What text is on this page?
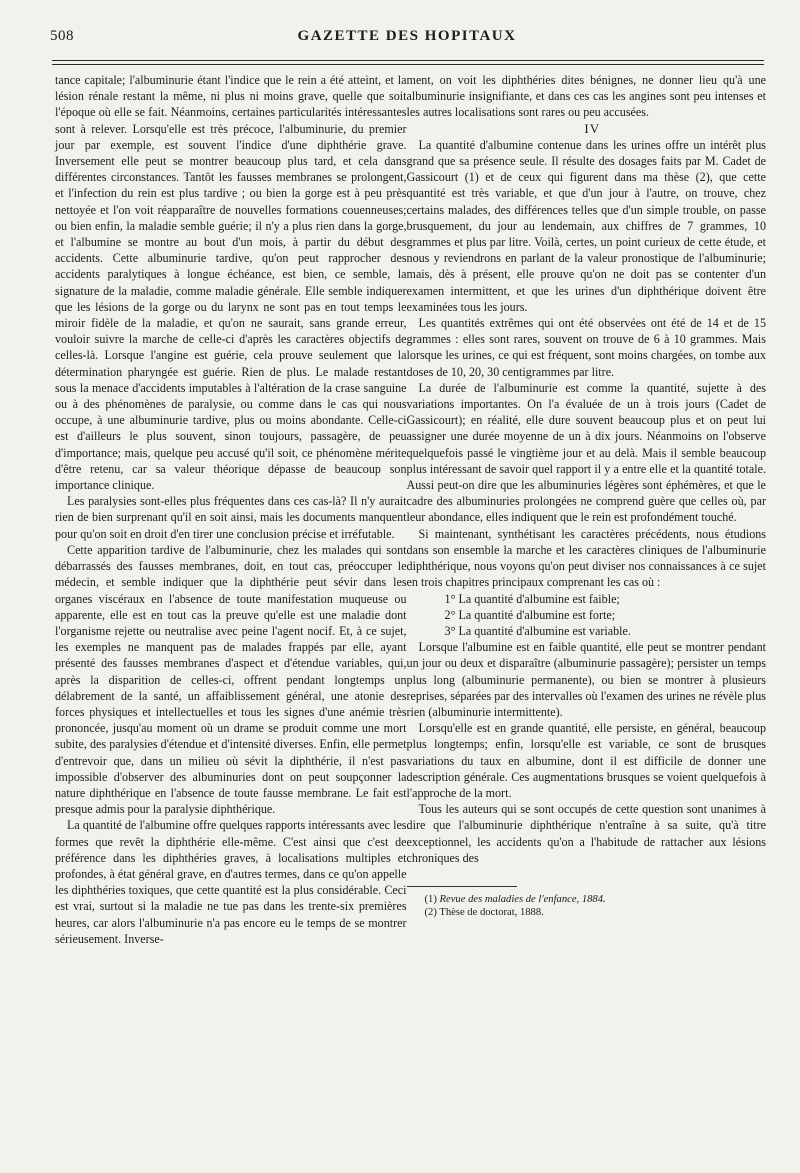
508	GAZETTE DES HOPITAUX

tance capitale; l'albuminurie étant l'indice que le rein a été atteint, et la lésion rénale restant la même, ni plus ni moins grave, quelle que soit l'époque où elle se fait. Néanmoins, certaines particularités intéressantes sont à relever. Lorsqu'elle est très précoce, l'albuminurie, du premier jour par exemple, est souvent l'indice d'une diphthérie grave. Inversement elle peut se montrer beaucoup plus tard, et cela dans différentes circonstances. Tantôt les fausses membranes se prolongent, et l'infection du rein est plus tardive ; ou bien la gorge est à peu près nettoyée et l'on voit réapparaître de nouvelles formations couenneuses; ou bien enfin, la maladie semble guérie; il n'y a plus rien dans la gorge, et l'albumine se montre au bout d'un mois, à partir du début des accidents. Cette albuminurie tardive, qu'on peut rapprocher des accidents paralytiques à longue échéance, est bien, ce semble, la signature de la maladie, comme maladie générale. Elle semble indiquer que les lésions de la gorge ou du larynx ne sont pas en tout temps le miroir fidèle de la maladie, et qu'on ne saurait, sans grande erreur, vouloir suivre la marche de celle-ci d'après les caractères objectifs de celles-là. Lorsque l'angine est guérie, cela prouve seulement que la détermination pharyngée est guérie. Rien de plus. Le malade restant sous la menace d'accidents imputables à l'altération de la crase sanguine ou à des phénomènes de paralysie, ou comme dans le cas qui nous occupe, à une albuminurie tardive, plus ou moins abondante. Celle-ci est d'ailleurs le plus souvent, sinon toujours, passagère, de peu d'importance; mais, quelque peu accusé qu'il soit, ce phénomène mérite d'être retenu, car sa valeur théorique dépasse de beaucoup son importance clinique.

Les paralysies sont-elles plus fréquentes dans ces cas-là? Il n'y aurait rien de bien surprenant qu'il en soit ainsi, mais les documents manquent pour qu'on soit en droit d'en tirer une conclusion précise et irréfutable.

Cette apparition tardive de l'albuminurie, chez les malades qui sont débarrassés des fausses membranes, doit, en tout cas, préoccuper le médecin, et semble indiquer que la diphthérie peut sévir dans les organes viscéraux en l'absence de toute manifestation muqueuse ou apparente, elle est en tout cas la preuve qu'elle est une maladie dont l'organisme rejette ou neutralise avec peine l'agent nocif. Et, à ce sujet, les exemples ne manquent pas de malades frappés par elle, ayant présenté des fausses membranes d'aspect et d'étendue variables, qui, après la disparition de celles-ci, offrent pendant longtemps un délabrement de la santé, un affaiblissement général, une atonie des forces physiques et intellectuelles et tous les signes d'une anémie très prononcée, jusqu'au moment où un drame se produit comme une mort subite, des paralysies d'étendue et d'intensité diverses. Enfin, elle permet d'entrevoir que, dans un milieu où sévit la diphthérie, il n'est pas impossible d'observer des albuminuries dont on peut soupçonner la nature diphthérique en l'absence de toute fausse membrane. Le fait est presque admis pour la paralysie diphthérique.

La quantité de l'albumine offre quelques rapports intéressants avec les formes que revêt la diphthérie elle-même. C'est ainsi que c'est de préférence dans les diphthéries graves, à localisations multiples et profondes, à état général grave, en d'autres termes, dans ce qu'on appelle les diphthéries toxiques, que cette quantité est la plus considérable. Ceci est vrai, surtout si la maladie ne tue pas dans les trente-six premières heures, car alors l'albuminurie n'a pas encore eu le temps de se montrer sérieusement. Inverse-

ment, on voit les diphthéries dites bénignes, ne donner lieu qu'à une albuminurie insignifiante, et dans ces cas les angines sont peu intenses et les autres localisations sont rares ou peu accusées.

IV

La quantité d'albumine contenue dans les urines offre un intérêt plus grand que sa présence seule. Il résulte des dosages faits par M. Cadet de Gassicourt (1) et de ceux qui figurent dans ma thèse (2), que cette quantité est très variable, et que d'un jour à l'autre, on trouve, chez certains malades, des différences telles que d'un simple trouble, on passe brusquement, du jour au lendemain, aux chiffres de 7 grammes, 10 grammes et plus par litre. Voilà, certes, un point curieux de cette étude, et nous y reviendrons en parlant de la valeur pronostique de l'albuminurie; mais, dès à présent, elle prouve qu'on ne doit pas se contenter d'un examen intermittent, et que les urines d'un diphthérique doivent être examinées tous les jours.

Les quantités extrêmes qui ont été observées ont été de 14 et de 15 grammes : elles sont rares, souvent on trouve de 6 à 10 grammes. Mais lorsque les urines, ce qui est fréquent, sont moins chargées, on tombe aux doses de 10, 20, 30 centigrammes par litre.

La durée de l'albuminurie est comme la quantité, sujette à des variations importantes. On l'a évaluée de un à trois jours (Cadet de Gassicourt); en réalité, elle dure souvent beaucoup plus et on peut lui assigner une durée moyenne de un à dix jours. Néanmoins on l'observe quelquefois passé le vingtième jour et au delà. Mais il semble beaucoup plus intéressant de savoir quel rapport il y a entre elle et la quantité totale. Aussi peut-on dire que les albuminuries légères sont éphémères, et que le cadre des albuminuries prolongées ne comprend guère que celles où, par leur abondance, elles indiquent que le rein est profondément touché.

Si maintenant, synthétisant les caractères précédents, nous étudions dans son ensemble la marche et les caractères cliniques de l'albuminurie diphthérique, nous voyons qu'on peut diviser nos connaissances à ce sujet en trois chapitres principaux comprenant les cas où :

1° La quantité d'albumine est faible;

2° La quantité d'albumine est forte;

3° La quantité d'albumine est variable.

Lorsque l'albumine est en faible quantité, elle peut se montrer pendant un jour ou deux et disparaître (albuminurie passagère); persister un temps plus long (albuminurie permanente), ou bien se montrer à plusieurs reprises, séparées par des intervalles où l'examen des urines ne révèle plus rien (albuminurie intermittente).

Lorsqu'elle est en grande quantité, elle persiste, en général, beaucoup plus longtemps; enfin, lorsqu'elle est variable, ce sont de brusques variations du taux en albumine, dont il est difficile de donner une description générale. Ces augmentations brusques se voient quelquefois à l'approche de la mort.

Tous les auteurs qui se sont occupés de cette question sont unanimes à dire que l'albuminurie diphthérique n'entraîne à sa suite, qu'à titre exceptionnel, les accidents qu'on a l'habitude de rattacher aux lésions chroniques des

(1) Revue des maladies de l'enfance, 1884.

(2) Thèse de doctorat, 1888.
